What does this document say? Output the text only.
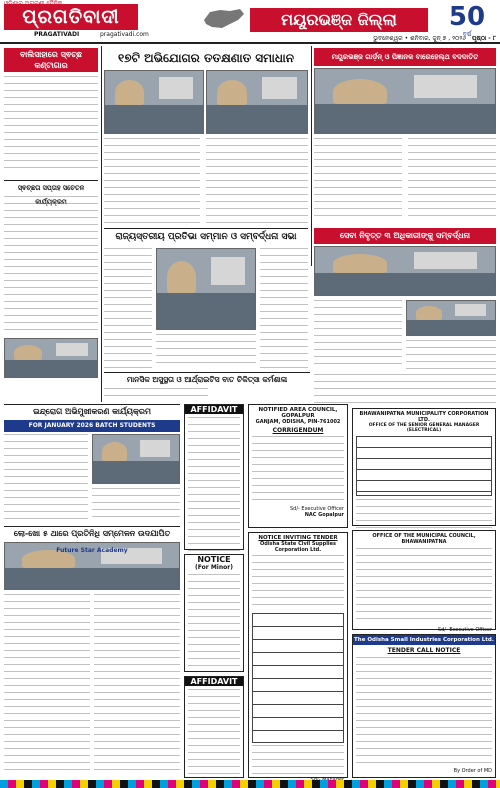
ପ୍ରଗତିବାଦୀ
PRAGATIVADI	pragativadi.com
ମୟୂରଭଞ୍ଜ ଜିଲ୍ଲା	50
ବର୍ଷ
ଭୁବନେଶ୍ୱର • ଶନିବାର, ଜୁନ୍ ୭ , ୨୦୨୬ ପୃଷ୍ଠା - ୮
ବାଲିସାହାରେ ସ୍ଵଚ୍ଛ କଣ୍ଟାଗାର
୧୭ଟି ଅଭିଯୋଗର ତତକ୍ଷଣାତ ସମାଧାନ	ମୟୂରଭଞ୍ଜ ଗାର୍ଡ଼ନ୍ ଓ ପିଜ୍ଞାନକ ବାରେହେଲ୍ଥ ବଦଦାତିତ
ସ୍ଵଚ୍ଛତା ସପ୍ତାହ ସଚେତନ କାର୍ଯ୍ୟକ୍ରମ
ରାଜ୍ୟସ୍ତରୀୟ ପ୍ରତିଭା ସମ୍ମାନ ଓ ସମ୍ବର୍ଦ୍ଧନା ସଭା	ସେବା ନିବୃତ୍ତ ୩ ଅଧିକାରୀଙ୍କୁ ସମ୍ବର୍ଦ୍ଧନା
ମାନସିକ ଅସୁସ୍ଥତା ଓ ଆର୍ଥ୍ରାଇଟିସ ବାତ ଚିକିତ୍ସା କର୍ମଶାଳା
ଇନ୍ଦ୍ରୋଗ ଅଭିମୁଖୀକରଣ କାର୍ଯ୍ୟକ୍ରମ
FOR JANUARY 2026 BATCH STUDENTS
ଲୋ-ଖୋ ୫ ଥାରେ ପ୍ରତିନିଧି ସମ୍ମେଳନ ଉଦଯାପିତ
Future Star Academy
AFFIDAVIT
NOTICE
(For Minor)
AFFIDAVIT
NOTIFIED AREA COUNCIL, GOPALPUR
GANJAM, ODISHA, PIN-761002
CORRIGENDUM
Sd/- Executive Officer
NAC Gopalpur
NOTICE INVITING TENDER
Odisha State Civil Supplies Corporation Ltd.
BHAWANIPATNA MUNICIPALITY CORPORATION LTD.
OFFICE OF THE SENIOR GENERAL MANAGER (ELECTRICAL)
OFFICE OF THE MUNICIPAL COUNCIL, BHAWANIPATNA
Sd/- Executive Officer
The Odisha Small Industries Corporation Ltd.
TENDER CALL NOTICE
By Order of MD
